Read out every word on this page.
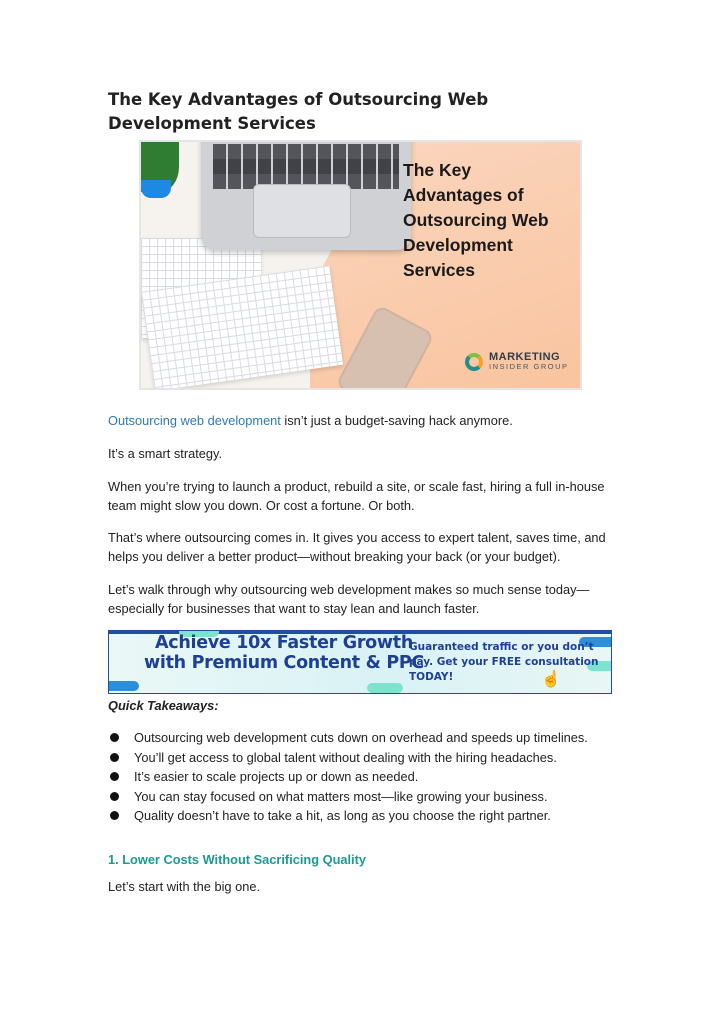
The Key Advantages of Outsourcing Web Development Services
The Key Advantages of Outsourcing Web Development Services
MARKETING
INSIDER GROUP

Outsourcing web development isn’t just a budget-saving hack anymore.

It’s a smart strategy.

When you’re trying to launch a product, rebuild a site, or scale fast, hiring a full in-house team might slow you down. Or cost a fortune. Or both.

That’s where outsourcing comes in. It gives you access to expert talent, saves time, and helps you deliver a better product—without breaking your back (or your budget).

Let’s walk through why outsourcing web development makes so much sense today—especially for businesses that want to stay lean and launch faster.

Achieve 10x Faster Growth with Premium Content & PPC

Guaranteed traffic or you don’t pay. Get your FREE consultation TODAY!	☝

Quick Takeaways:

Outsourcing web development cuts down on overhead and speeds up timelines.
You’ll get access to global talent without dealing with the hiring headaches.
It’s easier to scale projects up or down as needed.
You can stay focused on what matters most—like growing your business.
Quality doesn’t have to take a hit, as long as you choose the right partner.

1. Lower Costs Without Sacrificing Quality

Let’s start with the big one.
